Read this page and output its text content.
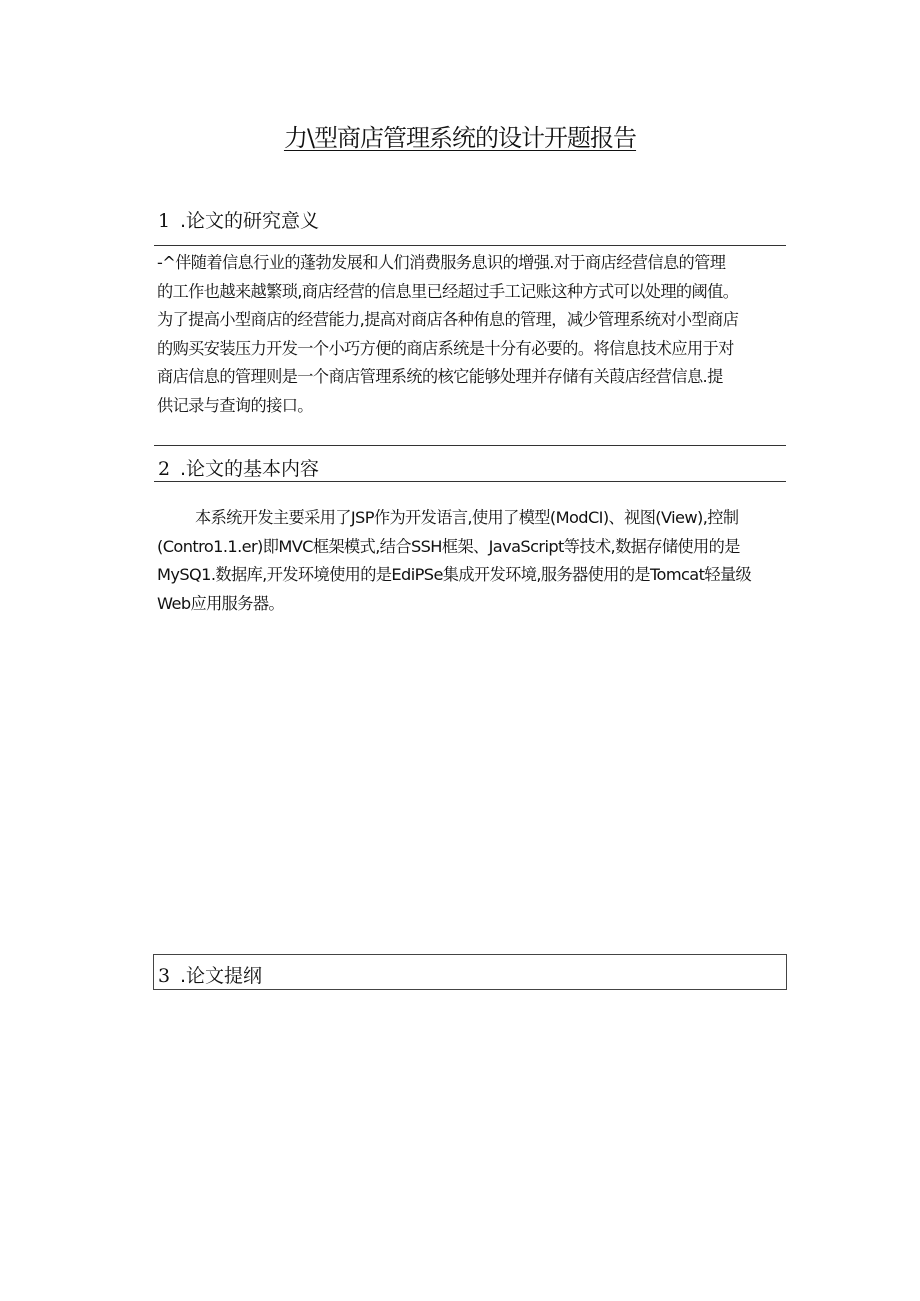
力\型商店管理系统的设计开题报告
1 .论文的研究意义
-^伴随着信息行业的蓬勃发展和人们消费服务息识的增强.对于商店经营信息的管理
的工作也越来越繁琐,商店经营的信息里已经超过手工记账这种方式可以处理的阈值。
为了提高小型商店的经营能力,提高对商店各种侑息的管理，减少管理系统对小型商店
的购买安装压力开发一个小巧方便的商店系统是十分有必要的。将信息技术应用于对
商店信息的管理则是一个商店管理系统的核它能够处理并存储有关葭店经营信息.提
供记录与查询的接口。
2 .论文的基本内容
本系统开发主要采用了JSP作为开发语言,使用了模型(ModCI)、视图(View),控制
(Contro1.1.er)即MVC框架模式,结合SSH框架、JavaScript等技术,数据存储使用的是
MySQ1.数据库,开发环境使用的是EdiPSe集成开发环境,服务器使用的是Tomcat轻量级
Web应用服务器。
3 .论文提纲
